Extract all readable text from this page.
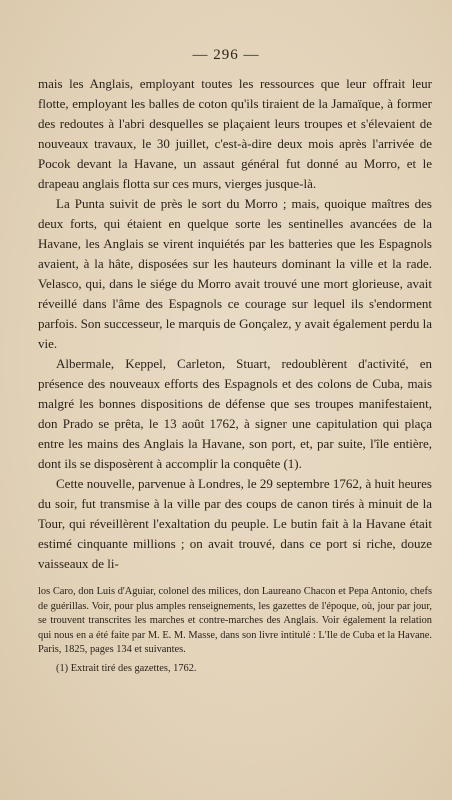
— 296 —

mais les Anglais, employant toutes les ressources que leur offrait leur flotte, employant les balles de coton qu'ils tiraient de la Jamaïque, à former des redoutes à l'abri desquelles se plaçaient leurs troupes et s'élevaient de nouveaux travaux, le 30 juillet, c'est-à-dire deux mois après l'arrivée de Pocok devant la Havane, un assaut général fut donné au Morro, et le drapeau anglais flotta sur ces murs, vierges jusque-là.

La Punta suivit de près le sort du Morro ; mais, quoique maîtres des deux forts, qui étaient en quelque sorte les sentinelles avancées de la Havane, les Anglais se virent inquiétés par les batteries que les Espagnols avaient, à la hâte, disposées sur les hauteurs dominant la ville et la rade. Velasco, qui, dans le siége du Morro avait trouvé une mort glorieuse, avait réveillé dans l'âme des Espagnols ce courage sur lequel ils s'endorment parfois. Son successeur, le marquis de Gonçalez, y avait également perdu la vie.

Albermale, Keppel, Carleton, Stuart, redoublèrent d'activité, en présence des nouveaux efforts des Espagnols et des colons de Cuba, mais malgré les bonnes dispositions de défense que ses troupes manifestaient, don Prado se prêta, le 13 août 1762, à signer une capitulation qui plaça entre les mains des Anglais la Havane, son port, et, par suite, l'île entière, dont ils se disposèrent à accomplir la conquête (1).

Cette nouvelle, parvenue à Londres, le 29 septembre 1762, à huit heures du soir, fut transmise à la ville par des coups de canon tirés à minuit de la Tour, qui réveillèrent l'exaltation du peuple. Le butin fait à la Havane était estimé cinquante millions ; on avait trouvé, dans ce port si riche, douze vaisseaux de li-

los Caro, don Luis d'Aguiar, colonel des milices, don Laureano Chacon et Pepa Antonio, chefs de guérillas. Voir, pour plus amples renseignements, les gazettes de l'époque, où, jour par jour, se trouvent transcrites les marches et contre-marches des Anglais. Voir également la relation qui nous en a été faite par M. E. M. Masse, dans son livre intitulé : L'Ile de Cuba et la Havane. Paris, 1825, pages 134 et suivantes.

(1) Extrait tiré des gazettes, 1762.
